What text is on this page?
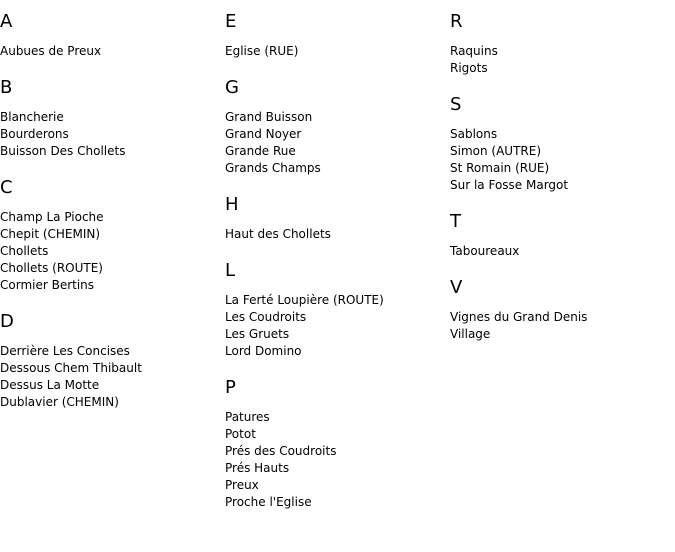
A
Aubues de Preux
B
Blancherie
Bourderons
Buisson Des Chollets
C
Champ La Pioche
Chepit (CHEMIN)
Chollets
Chollets (ROUTE)
Cormier Bertins
D
Derrière Les Concises
Dessous Chem Thibault
Dessus La Motte
Dublavier (CHEMIN)
E
Eglise (RUE)
G
Grand Buisson
Grand Noyer
Grande Rue
Grands Champs
H
Haut des Chollets
L
La Ferté Loupière (ROUTE)
Les Coudroits
Les Gruets
Lord Domino
P
Patures
Potot
Prés des Coudroits
Prés Hauts
Preux
Proche l'Eglise
R
Raquins
Rigots
S
Sablons
Simon (AUTRE)
St Romain (RUE)
Sur la Fosse Margot
T
Taboureaux
V
Vignes du Grand Denis
Village
